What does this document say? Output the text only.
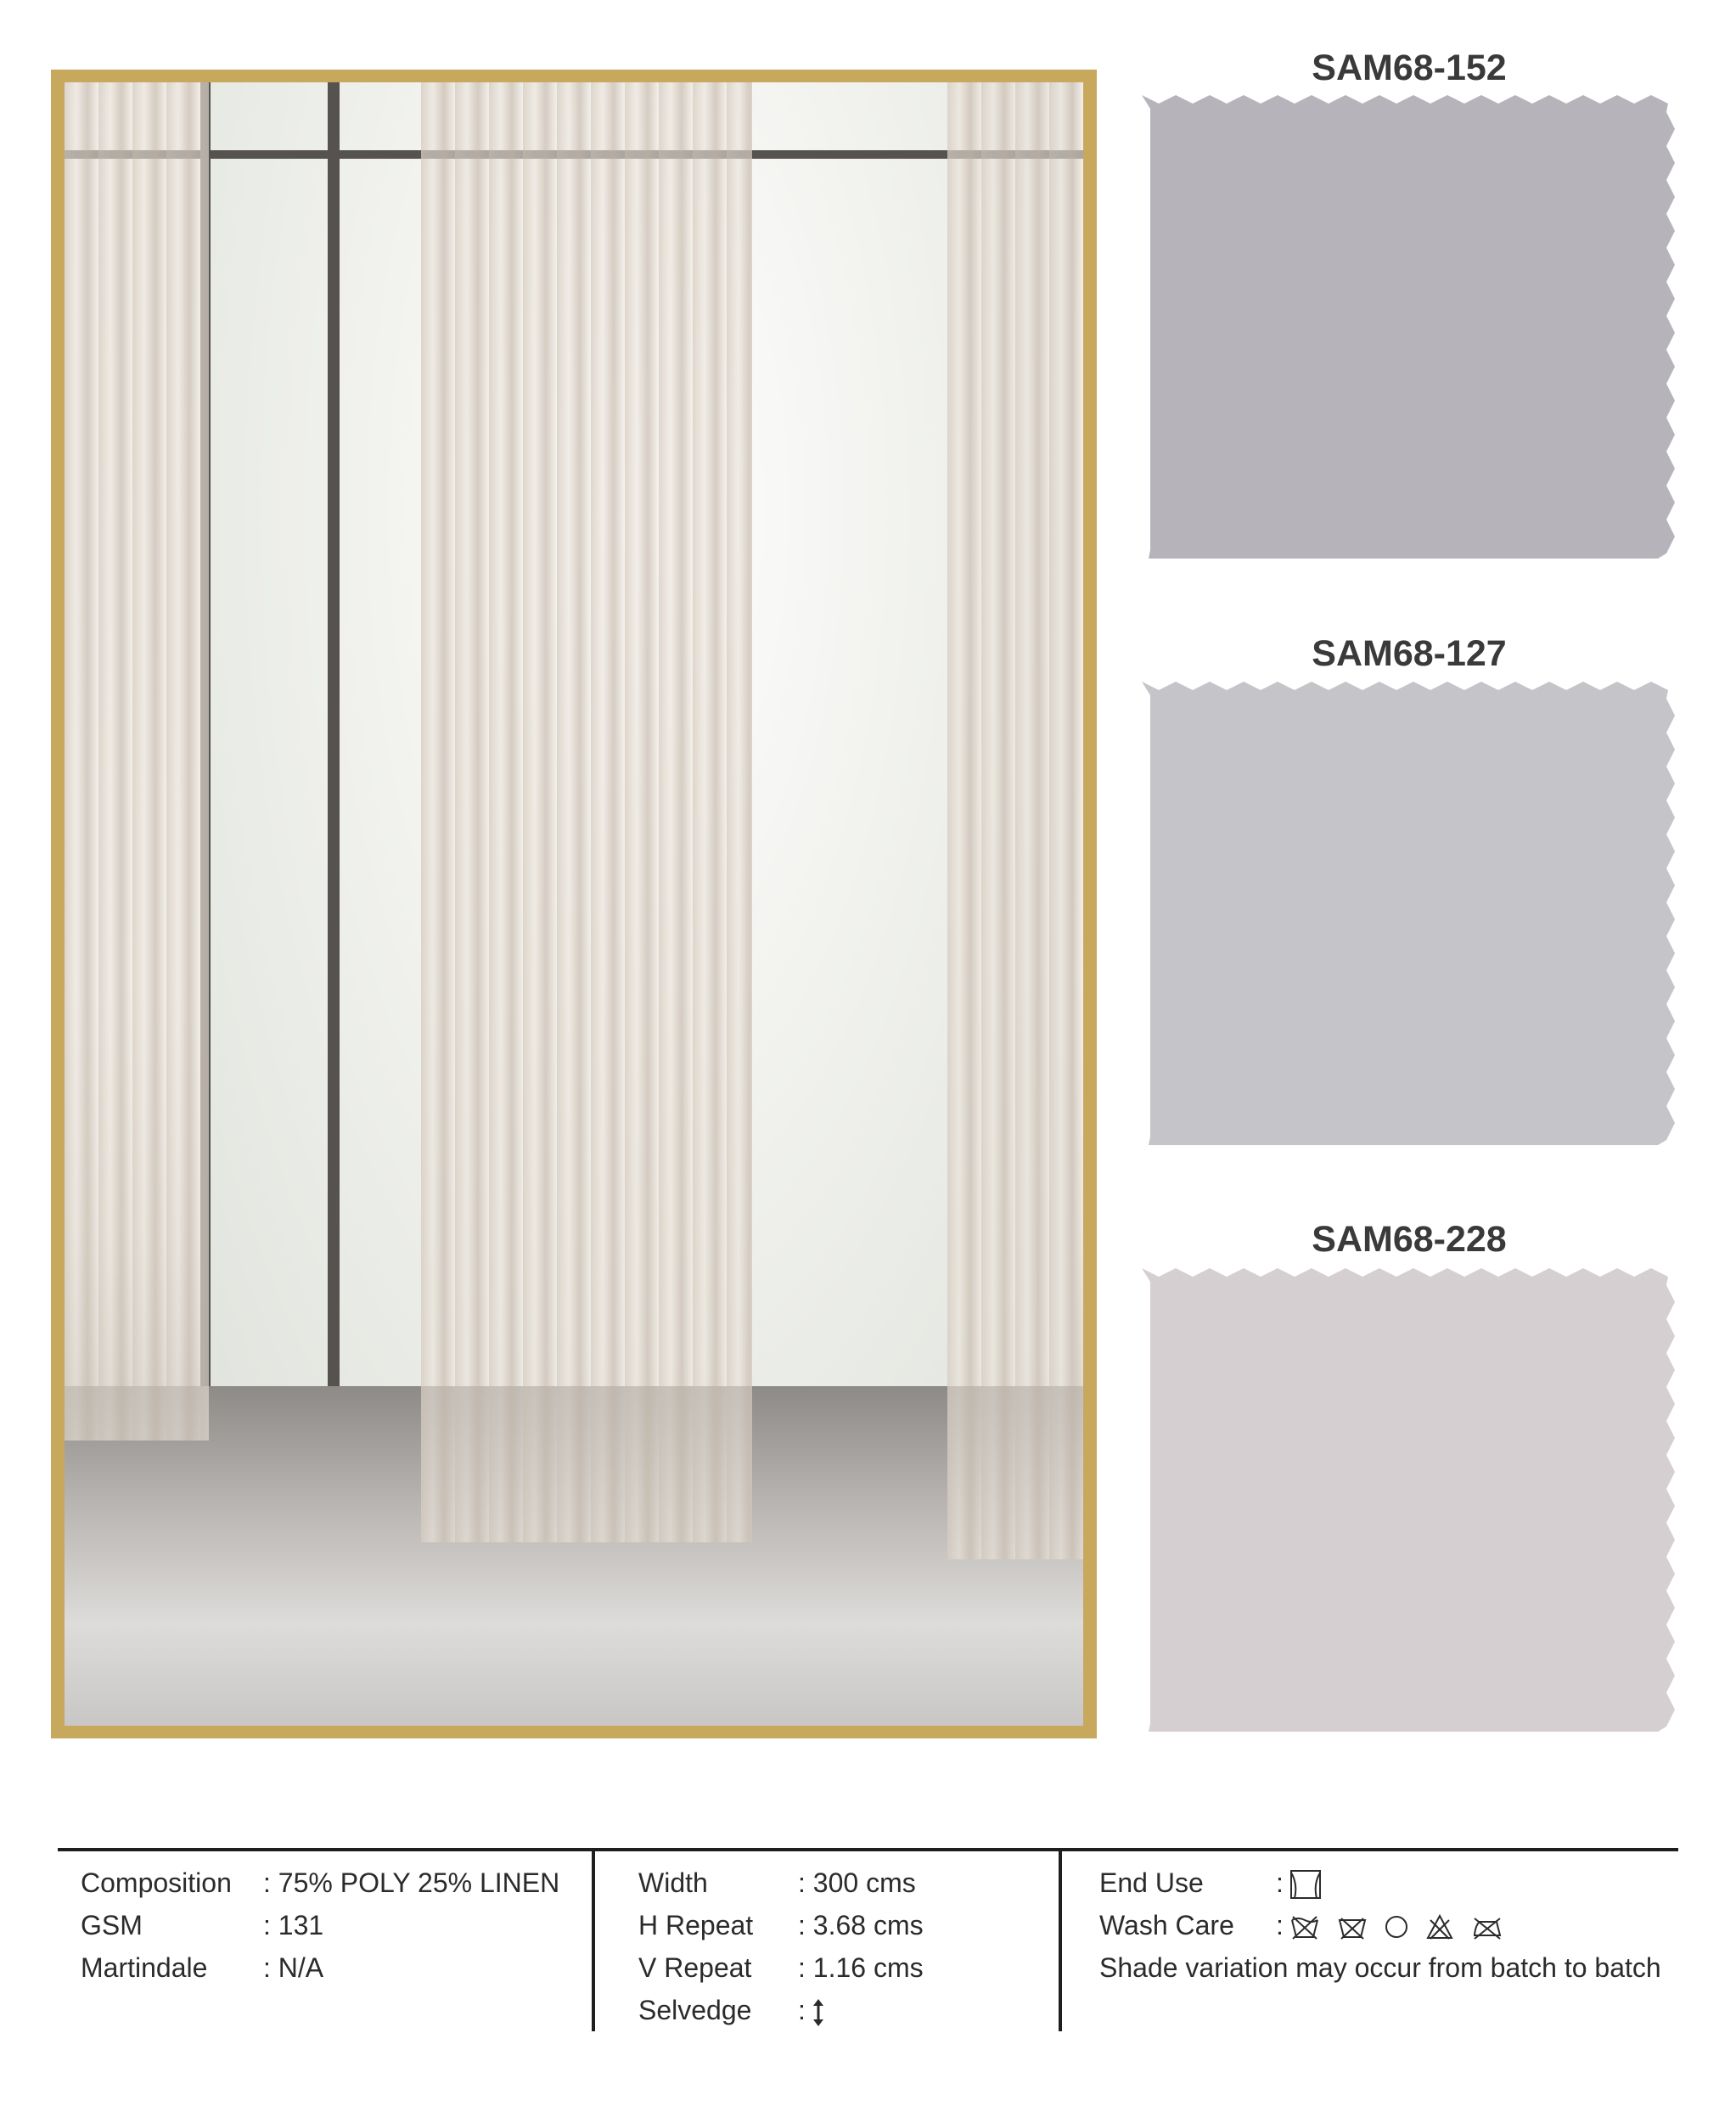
SAM68-152
SAM68-127
SAM68-228
Composition : 75% POLY 25% LINEN
GSM	: 131
Martindale : N/A
Width	: 300 cms
H Repeat : 3.68 cms
V Repeat : 1.16 cms
Selvedge :
End Use	:
Wash Care :
Shade variation may occur from batch to batch
